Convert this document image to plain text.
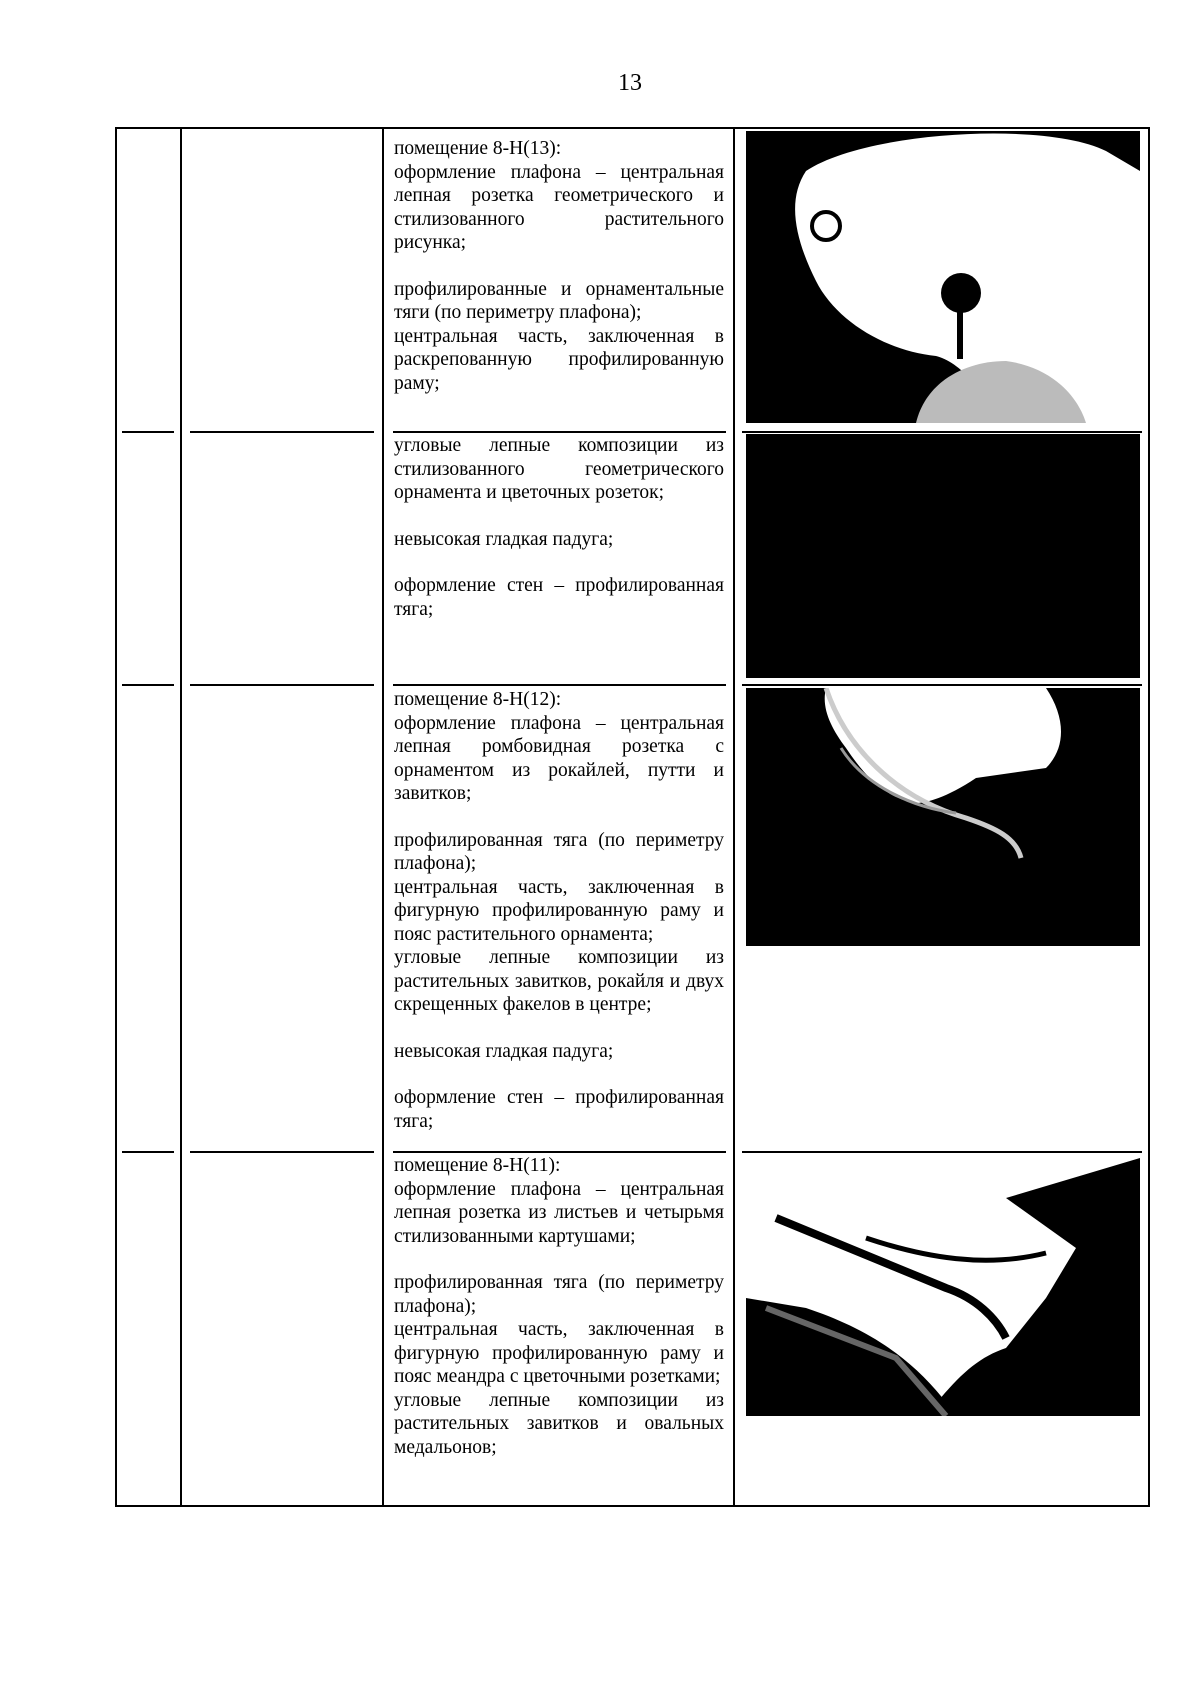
13

помещение 8-Н(13):

оформление плафона – центральная лепная розетка геометрического и стилизованного растительного рисунка;

профилированные и орнаментальные тяги (по периметру плафона);

центральная часть, заключенная в раскрепованную профилированную раму;

угловые лепные композиции из стилизованного геометрического орнамента и цветочных розеток;

невысокая гладкая падуга;

оформление стен – профилированная тяга;

помещение 8-Н(12):

оформление плафона – центральная лепная ромбовидная розетка с орнаментом из рокайлей, путти и завитков;

профилированная тяга (по периметру плафона);

центральная часть, заключенная в фигурную профилированную раму и пояс растительного орнамента;

угловые лепные композиции из растительных завитков, рокайля и двух скрещенных факелов в центре;

невысокая гладкая падуга;

оформление стен – профилированная тяга;

помещение 8-Н(11):

оформление плафона – центральная лепная розетка из листьев и четырьмя стилизованными картушами;

профилированная тяга (по периметру плафона);

центральная часть, заключенная в фигурную профилированную раму и пояс меандра с цветочными розетками;

угловые лепные композиции из растительных завитков и овальных медальонов;
